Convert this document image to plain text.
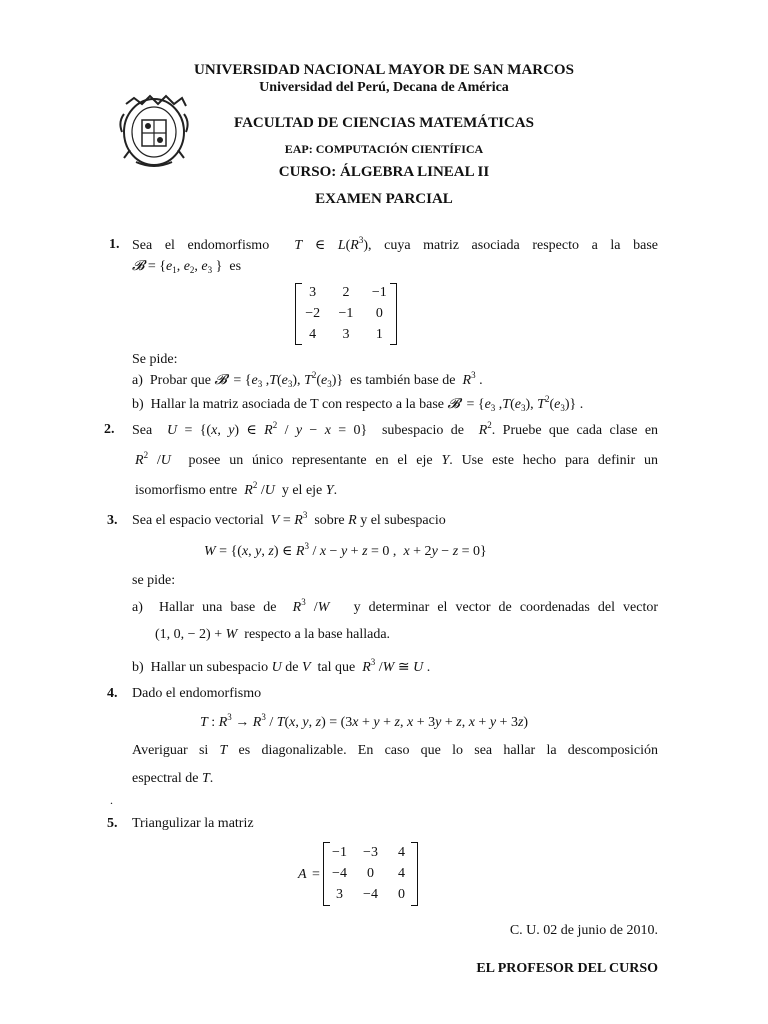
UNIVERSIDAD NACIONAL MAYOR DE SAN MARCOS
Universidad del Perú, Decana de América
FACULTAD DE CIENCIAS MATEMÁTICAS
EAP: COMPUTACIÓN CIENTÍFICA
CURSO: ÁLGEBRA LINEAL II
EXAMEN PARCIAL
1. Sea el endomorfismo T ∈ $L(R^3)$, cuya matriz asociada respecto a la base
𝓑 = {$e_1$, $e_2$, $e_3$ }  es
3	2	−1
−2	−1	0
4	3	1
Se pide:
a) Probar que 𝓑′ = {$e_3$ $,T(e_3)$, $T^2(e_3)$}  es también base de $R^3$ .
b) Hallar la matriz asociada de T con respecto a la base 𝓑′ = {$e_3$ $,T(e_3)$, $T^2(e_3)$} .
2. Sea U = {(x, y) ∈ $R^2 / y - x = 0$}  subespacio de $R^2$. Pruebe que cada clase en
$R^2$ /U posee un único representante en el eje Y. Use este hecho para definir un
isomorfismo entre $R^2$ /U y el eje Y.
3. Sea el espacio vectorial $V = R^3$ sobre R y el subespacio
W = {(x, y, z) ∈ $R^3 / x - y + z = 0$ ,  x + 2y − z = 0}
se pide:
a) Hallar una base de $R^3$ /W y determinar el vector de coordenadas del vector
(1, 0, − 2) + W respecto a la base hallada.
b) Hallar un subespacio U de V tal que $R^3$ /W ≅ U .
4. Dado el endomorfismo
T : $R^3 \to R^3 / T(x$, y, z) = (3x + y + z, x + 3y + z, x + y + 3z)
Averiguar si T es diagonalizable. En caso que lo sea hallar la descomposición
espectral de T.
.
5. Triangulizar la matriz
A =
−1	−3	4
−4	0	4
3	−4	0
C. U. 02 de junio de 2010.
EL PROFESOR DEL CURSO
